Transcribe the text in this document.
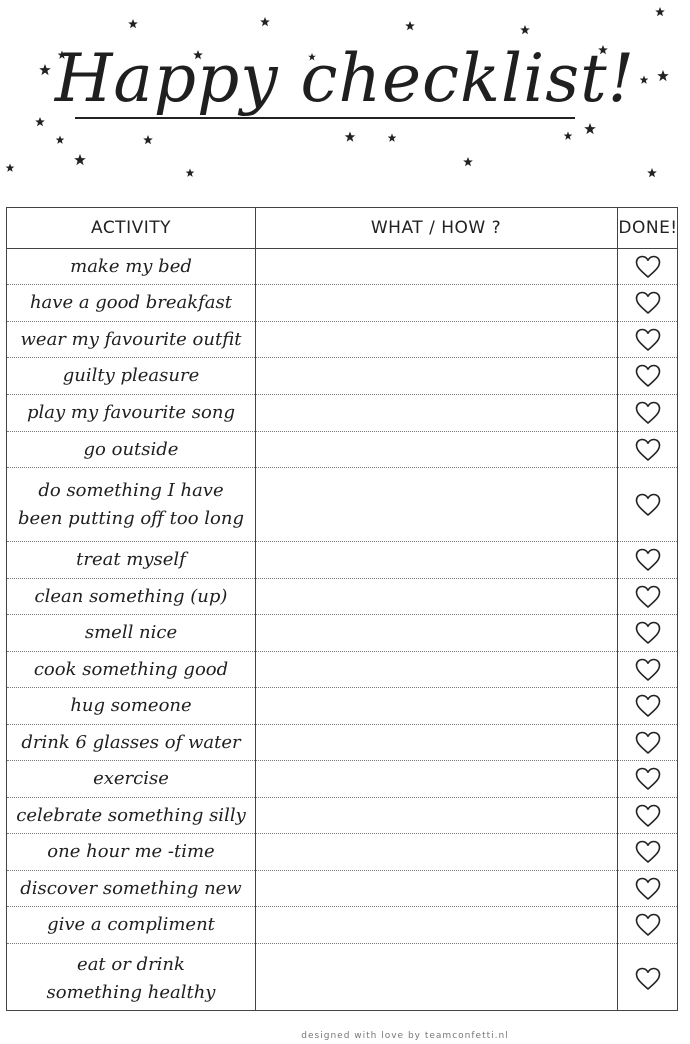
Happy checklist!
ACTIVITY	WHAT / HOW ?	DONE!
make my bed
have a good breakfast
wear my favourite outfit
guilty pleasure
play my favourite song
go outside
do something I have
been putting off too long
treat myself
clean something (up)
smell nice
cook something good
hug someone
drink 6 glasses of water
exercise
celebrate something silly
one hour me -time
discover something new
give a compliment
eat or drink
something healthy
designed with love by teamconfetti.nl
